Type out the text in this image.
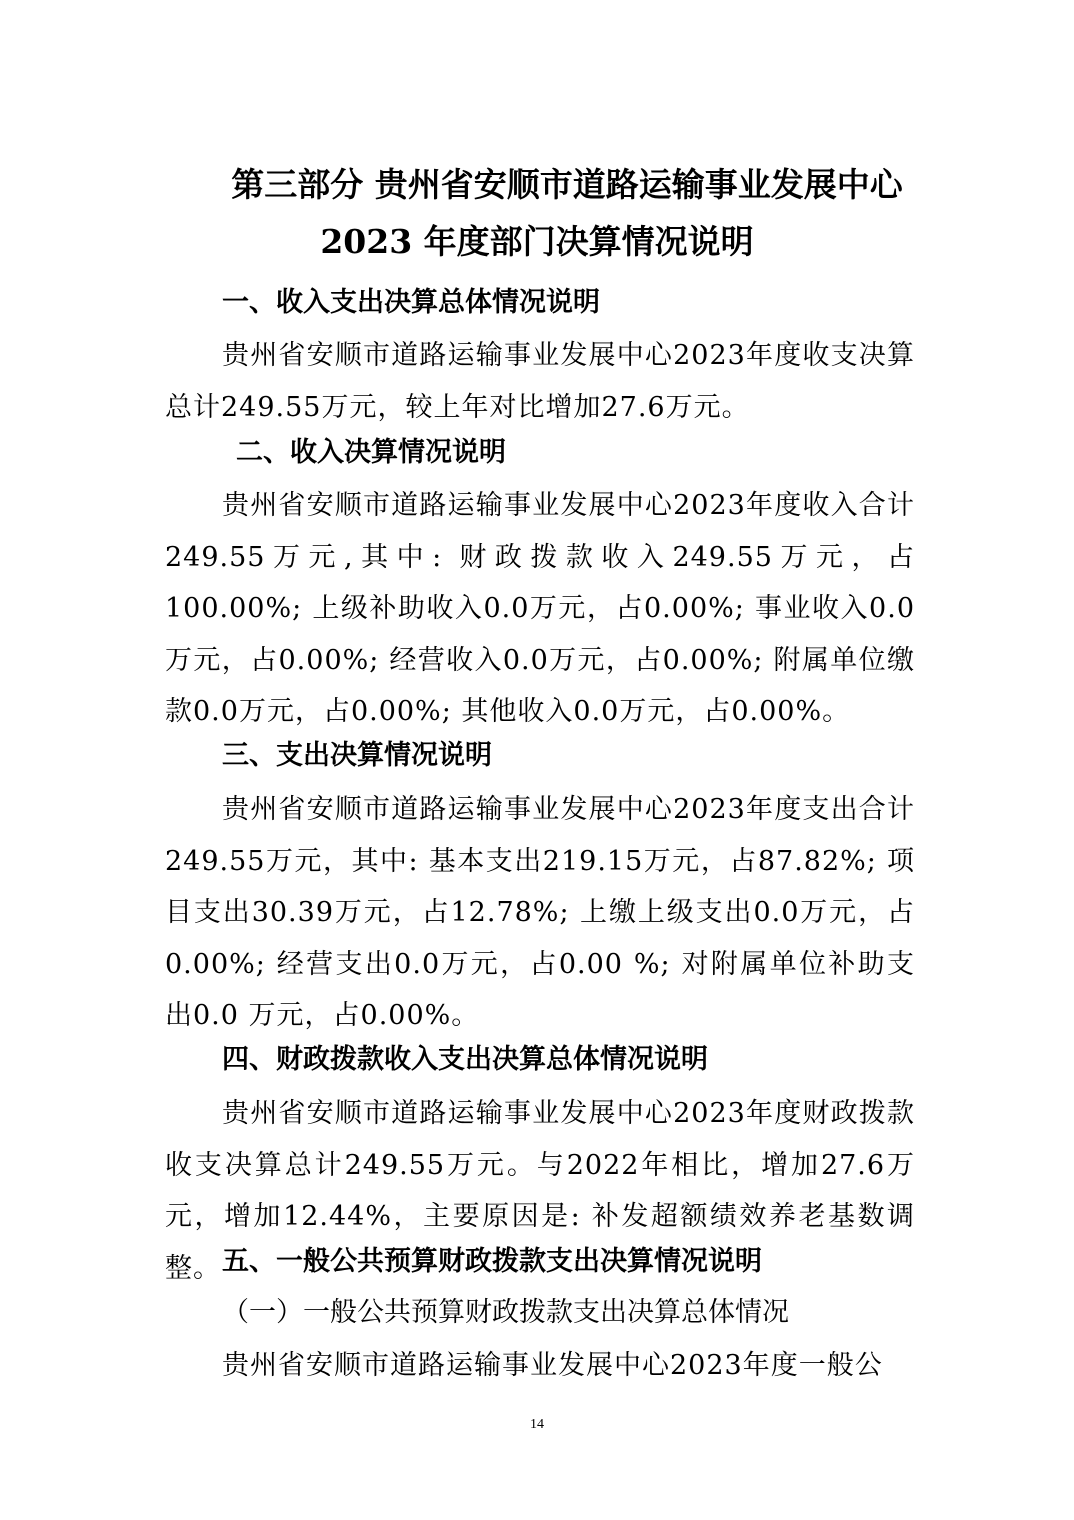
第三部分 贵州省安顺市道路运输事业发展中心
2023 年度部门决算情况说明
一、收入支出决算总体情况说明

贵州省安顺市道路运输事业发展中心2023年度收支决算总计249.55万元，较上年对比增加27.6万元。

二、收入决算情况说明

贵州省安顺市道路运输事业发展中心2023年度收入合计249.55万元,其中: 财政拨款收入249.55万元，占100.00%; 上级补助收入0.0万元，占0.00%; 事业收入0.0万元，占0.00%; 经营收入0.0万元，占0.00%; 附属单位缴款0.0万元，占0.00%; 其他收入0.0万元，占0.00%。

三、支出决算情况说明

贵州省安顺市道路运输事业发展中心2023年度支出合计249.55万元，其中: 基本支出219.15万元，占87.82%; 项目支出30.39万元，占12.78%; 上缴上级支出0.0万元，占0.00%; 经营支出0.0万元，占0.00 %; 对附属单位补助支出0.0 万元，占0.00%。

四、财政拨款收入支出决算总体情况说明

贵州省安顺市道路运输事业发展中心2023年度财政拨款收支决算总计249.55万元。与2022年相比，增加27.6万元，增加12.44%，主要原因是: 补发超额绩效养老基数调整。 五、一般公共预算财政拨款支出决算情况说明

（一）一般公共预算财政拨款支出决算总体情况

贵州省安顺市道路运输事业发展中心2023年度一般公

14
